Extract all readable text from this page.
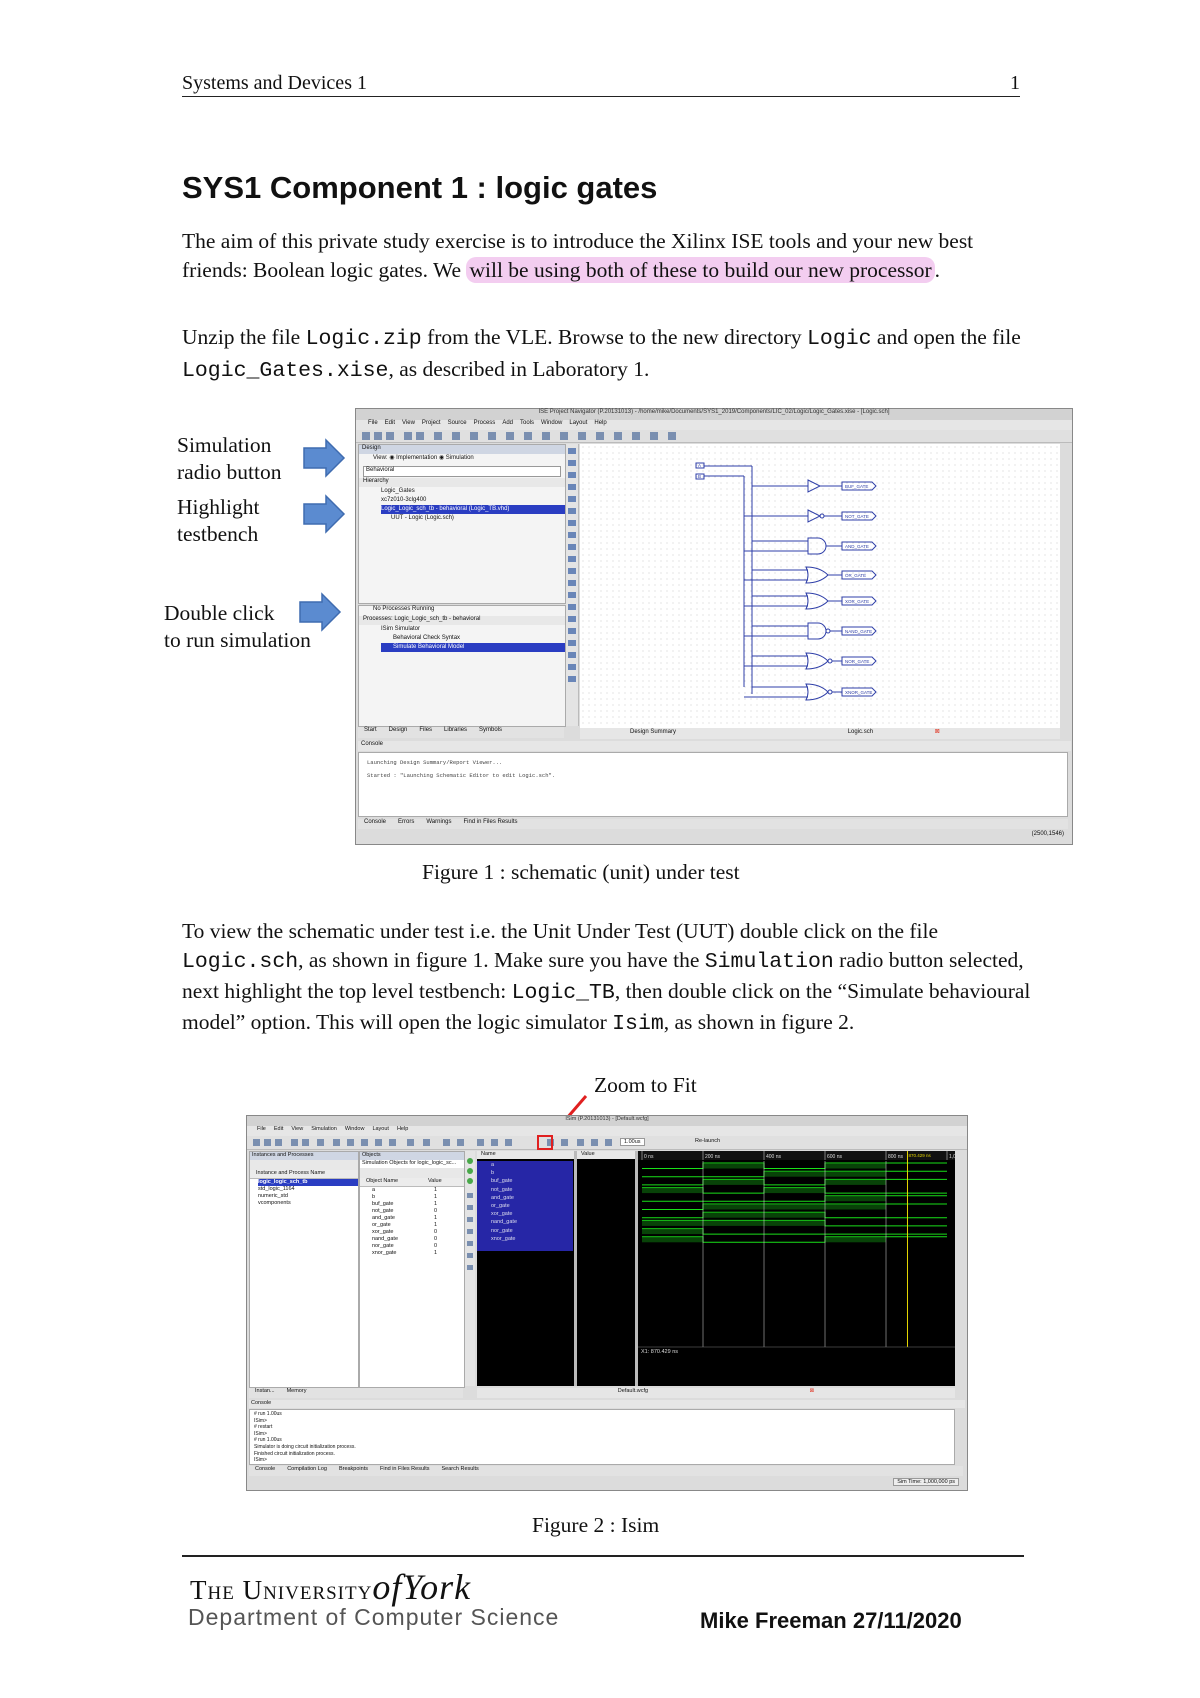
Systems and Devices 1	1
SYS1 Component 1 : logic gates
The aim of this private study exercise is to introduce the Xilinx ISE tools and your new best friends: Boolean logic gates. We will be using both of these to build our new processor .
Unzip the file Logic.zip from the VLE. Browse to the new directory Logic and open the file Logic_Gates.xise, as described in Laboratory 1.
Simulation
radio button
Highlight
testbench
Double click
to run simulation
ISE Project Navigator (P.20131013) - /home/mike/Documents/SYS1_2019/Components/LIC_02/Logic/Logic_Gates.xise - [Logic.sch]
File Edit View Project Source Process Add Tools Window Layout Help
Design
View: ◉ Implementation ◉ Simulation
Behavioral
Hierarchy
Logic_Gates
xc7z010-3clg400
Logic_Logic_sch_tb - behavioral (Logic_TB.vhd)
UUT - Logic (Logic.sch)
No Processes Running
Processes: Logic_Logic_sch_tb - behavioral
ISim Simulator
Behavioral Check Syntax
Simulate Behavioral Model
Start Design Files Libraries Symbols
A
B
BUF_GATE
NOT_GATE
AND_GATE
OR_GATE
XOR_GATE
NAND_GATE
NOR_GATE
XNOR_GATE
Design Summary	Logic.sch	⊠
Console
Launching Design Summary/Report Viewer...
Started : "Launching Schematic Editor to edit Logic.sch".
Console Errors Warnings Find in Files Results
(2500,1546)
Figure 1 : schematic (unit) under test
To view the schematic under test i.e. the Unit Under Test (UUT) double click on the file Logic.sch, as shown in figure 1. Make sure you have the Simulation radio button selected, next highlight the top level testbench: Logic_TB, then double click on the “Simulate behavioural model” option. This will open the logic simulator Isim, as shown in figure 2.
Zoom to Fit
ISim (P.20131013) - [Default.wcfg]
File Edit View Simulation Window Layout Help
1.00us	Re-launch
Instances and Processes
Instance and Process Name
logic_logic_sch_tb
std_logic_1164
numeric_std
vcomponents
Objects
Simulation Objects for logic_logic_sc...
Object Name	Value
a	1
b	1
buf_gate	1
not_gate	0
and_gate	1
or_gate	1
xor_gate	0
nand_gate	0
nor_gate	0
xnor_gate	1
Name	Value
a
b
buf_gate
not_gate
and_gate
or_gate
xor_gate
nand_gate
nor_gate
xnor_gate
0 ns	200 ns	400 ns	600 ns	800 ns	1,000
870.429 ns
X1: 870.429 ns
Instan... Memory	Default.wcfg	⊠
Console
# run 1.00us
ISim>
# restart
ISim>
# run 1.00us
Simulator is doing circuit initialization process.
Finished circuit initialization process.
ISim>
Console Compilation Log Breakpoints Find in Files Results Search Results
Sim Time: 1,000,000 ps
Figure 2 : Isim
The UniversityofYork
Department of Computer Science	Mike Freeman 27/11/2020
